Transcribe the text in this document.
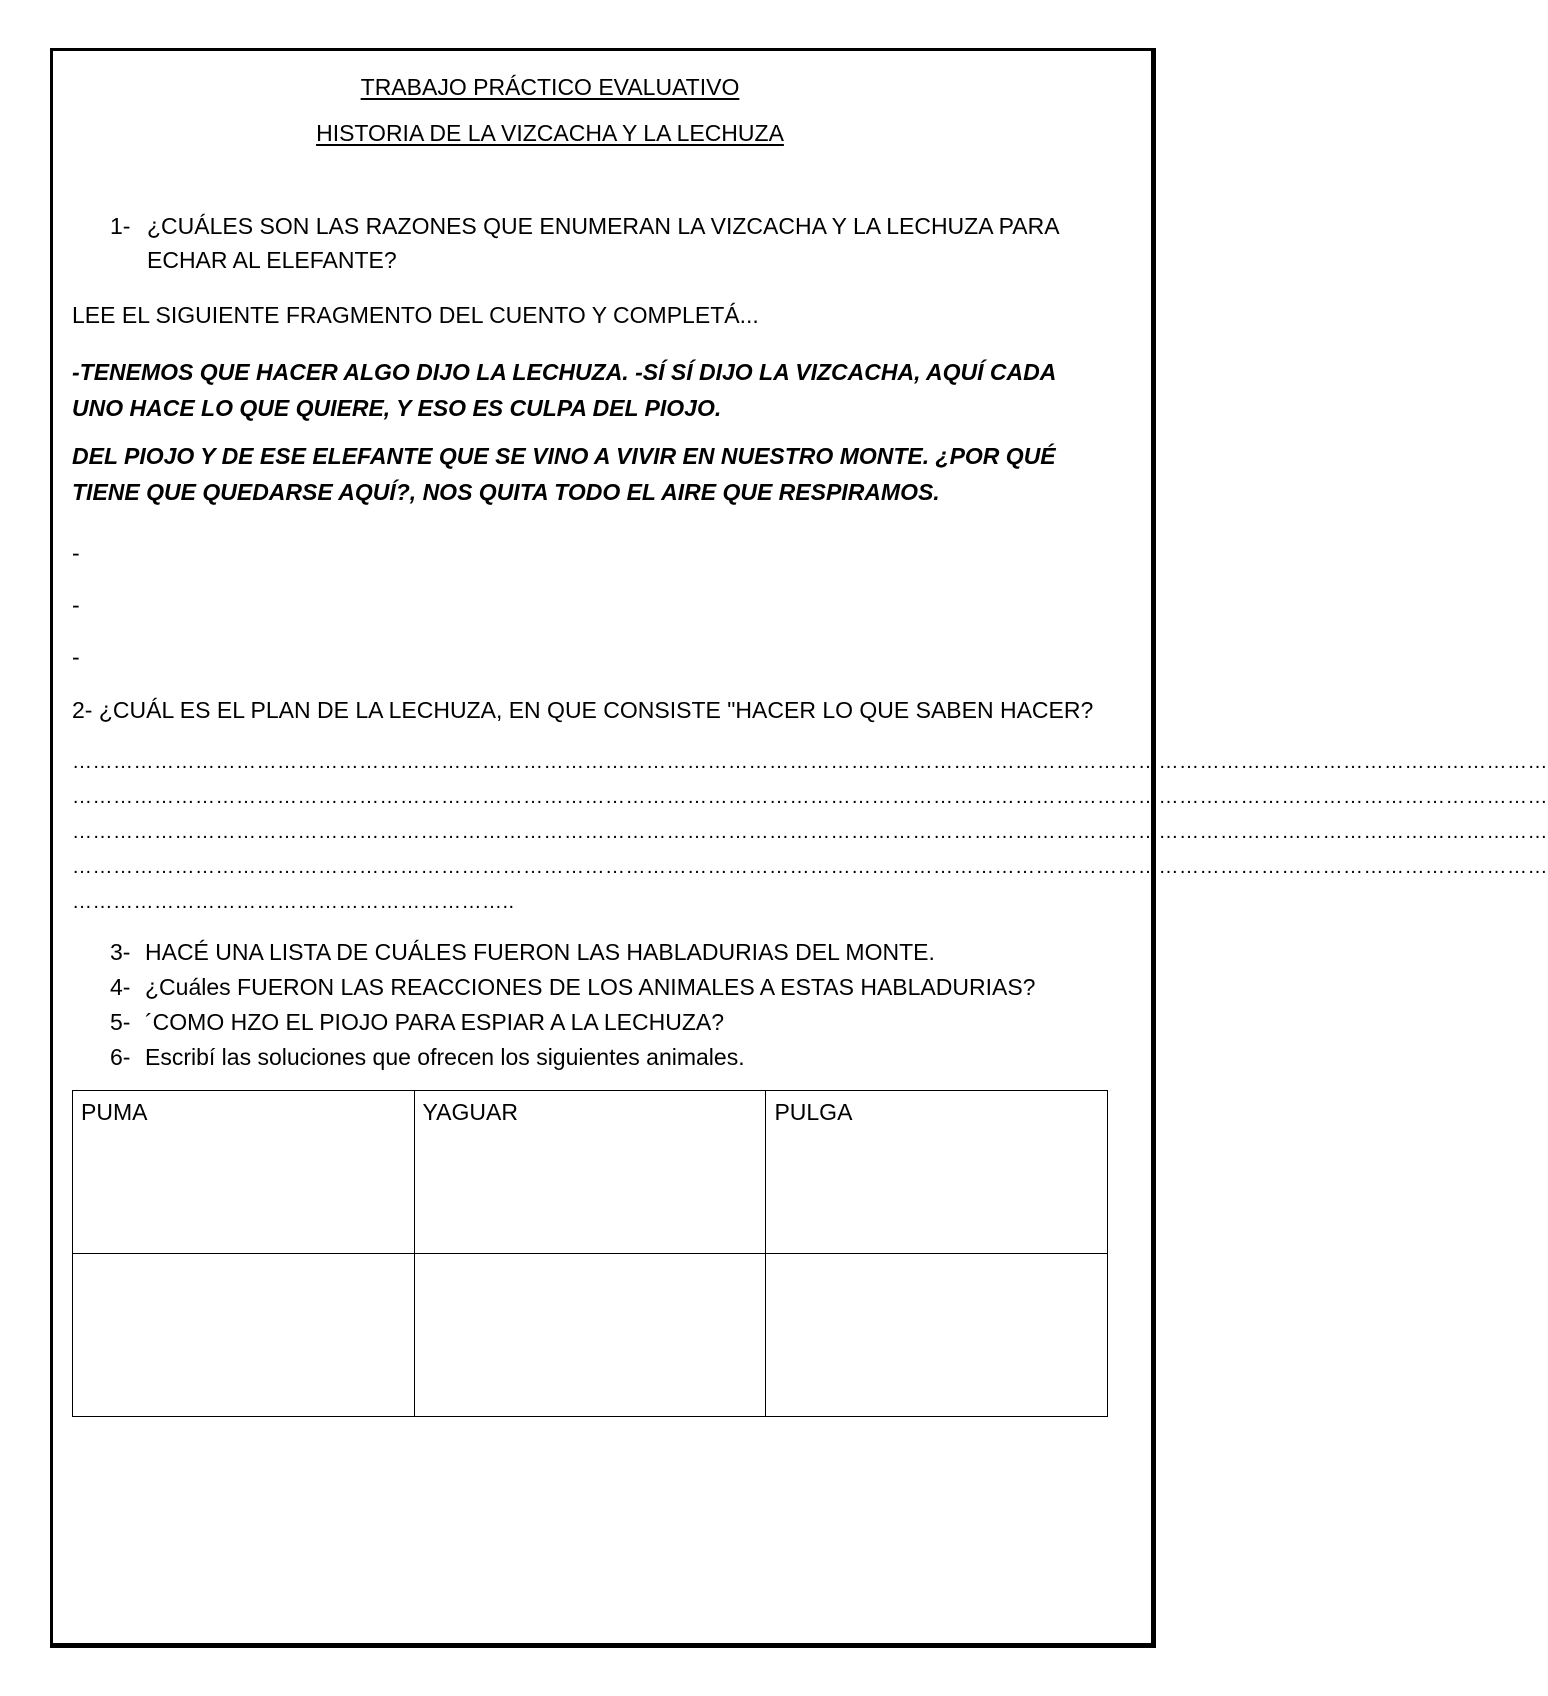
TRABAJO PRÁCTICO EVALUATIVO
HISTORIA DE LA VIZCACHA Y LA LECHUZA
1- ¿CUÁLES SON LAS RAZONES QUE ENUMERAN LA VIZCACHA Y LA LECHUZA PARA
ECHAR AL ELEFANTE?
LEE EL SIGUIENTE FRAGMENTO DEL CUENTO Y COMPLETÁ...
-TENEMOS QUE HACER ALGO DIJO LA LECHUZA. -SÍ SÍ DIJO LA VIZCACHA, AQUÍ CADA
UNO HACE LO QUE QUIERE, Y ESO ES CULPA DEL PIOJO.
DEL PIOJO Y DE ESE ELEFANTE QUE SE VINO A VIVIR EN NUESTRO MONTE. ¿POR QUÉ
TIENE QUE QUEDARSE AQUÍ?, NOS QUITA TODO EL AIRE QUE RESPIRAMOS.
-
-
-
2- ¿CUÁL ES EL PLAN DE LA LECHUZA, EN QUE CONSISTE "HACER LO QUE SABEN HACER?
………………………………………………………………………………………………………………………………………………………………………………………………
………………………………………………………………………………………………………………………………………………………………………………………………
………………………………………………………………………………………………………………………………………………………………………………………………
………………………………………………………………………………………………………………………………………………………………………………………………
………………………………………………………..
3- HACÉ UNA LISTA DE CUÁLES FUERON LAS HABLADURIAS DEL MONTE.
4- ¿Cuáles FUERON LAS REACCIONES DE LOS ANIMALES A ESTAS HABLADURIAS?
5- ´COMO HZO EL PIOJO PARA ESPIAR A LA LECHUZA?
6- Escribí las soluciones que ofrecen los siguientes animales.
PUMA	YAGUAR	PULGA
